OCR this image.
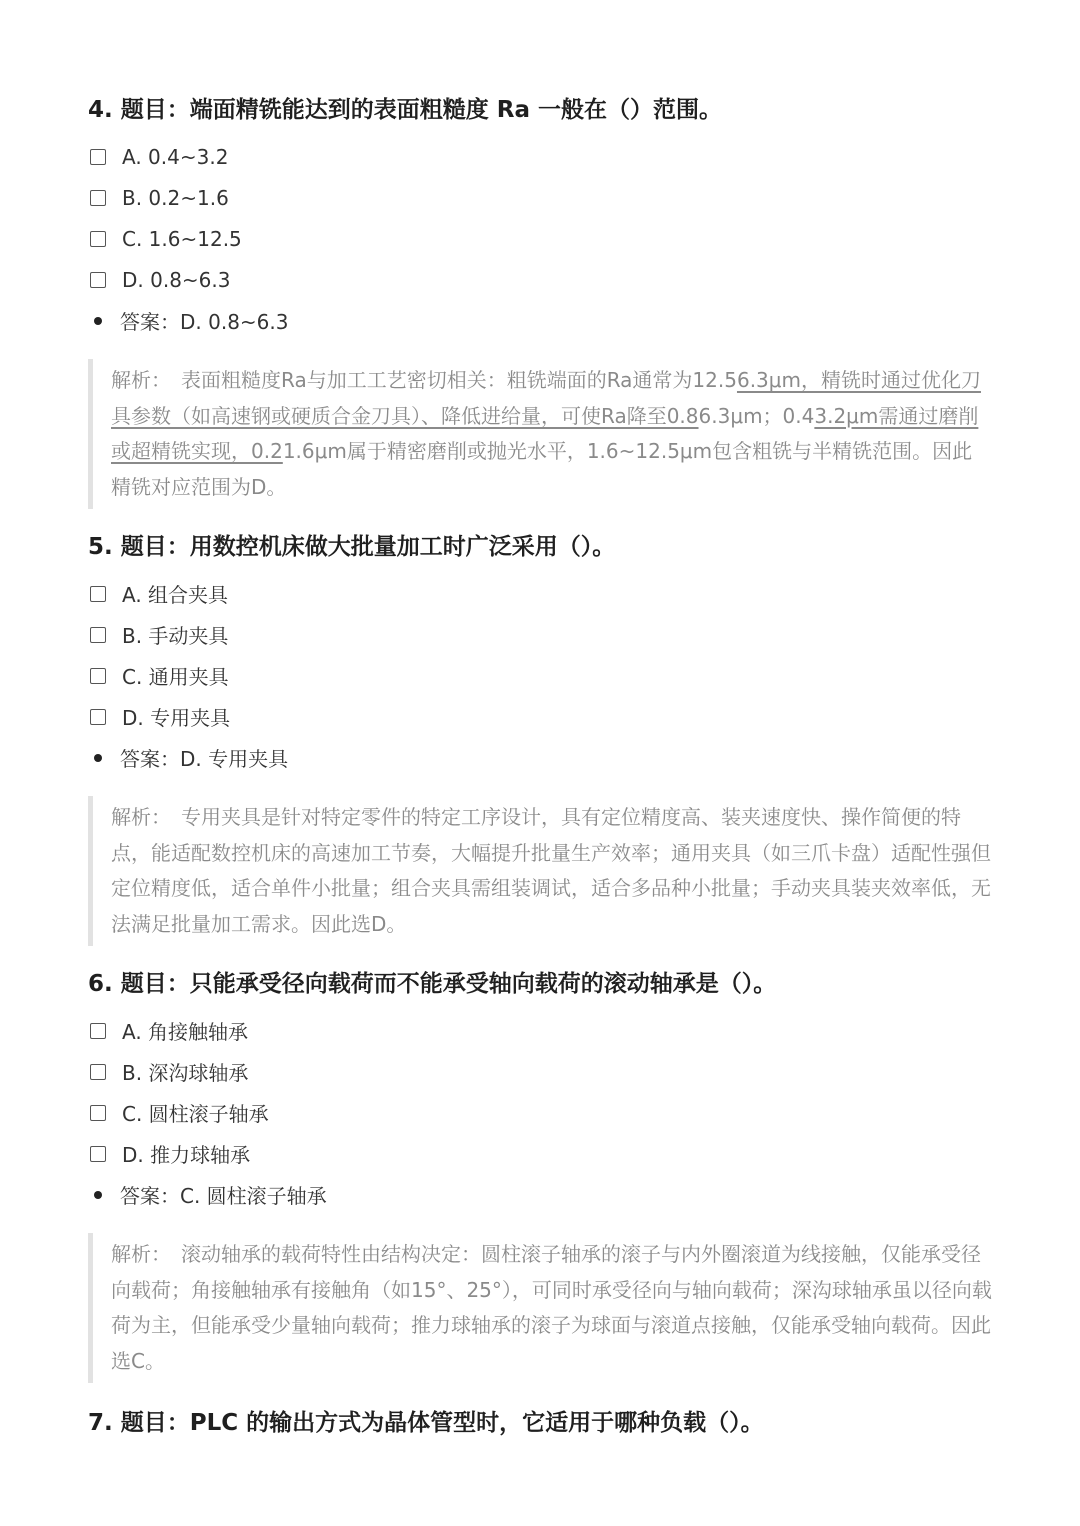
4. 题目：端面精铣能达到的表面粗糙度 Ra 一般在（）范围。
A. 0.4~3.2
B. 0.2~1.6
C. 1.6~12.5
D. 0.8~6.3
答案：D. 0.8~6.3
解析： 表面粗糙度Ra与加工工艺密切相关：粗铣端面的Ra通常为12.56.3μm，精铣时通过优化刀具参数（如高速钢或硬质合金刀具）、降低进给量，可使Ra降至0.86.3μm；0.43.2μm需通过磨削或超精铣实现，0.21.6μm属于精密磨削或抛光水平，1.6~12.5μm包含粗铣与半精铣范围。因此精铣对应范围为D。
5. 题目：用数控机床做大批量加工时广泛采用（）。
A. 组合夹具
B. 手动夹具
C. 通用夹具
D. 专用夹具
答案：D. 专用夹具
解析： 专用夹具是针对特定零件的特定工序设计，具有定位精度高、装夹速度快、操作简便的特点，能适配数控机床的高速加工节奏，大幅提升批量生产效率；通用夹具（如三爪卡盘）适配性强但定位精度低，适合单件小批量；组合夹具需组装调试，适合多品种小批量；手动夹具装夹效率低，无法满足批量加工需求。因此选D。
6. 题目：只能承受径向载荷而不能承受轴向载荷的滚动轴承是（）。
A. 角接触轴承
B. 深沟球轴承
C. 圆柱滚子轴承
D. 推力球轴承
答案：C. 圆柱滚子轴承
解析： 滚动轴承的载荷特性由结构决定：圆柱滚子轴承的滚子与内外圈滚道为线接触，仅能承受径向载荷；角接触轴承有接触角（如15°、25°），可同时承受径向与轴向载荷；深沟球轴承虽以径向载荷为主，但能承受少量轴向载荷；推力球轴承的滚子为球面与滚道点接触，仅能承受轴向载荷。因此选C。
7. 题目：PLC 的输出方式为晶体管型时，它适用于哪种负载（）。
